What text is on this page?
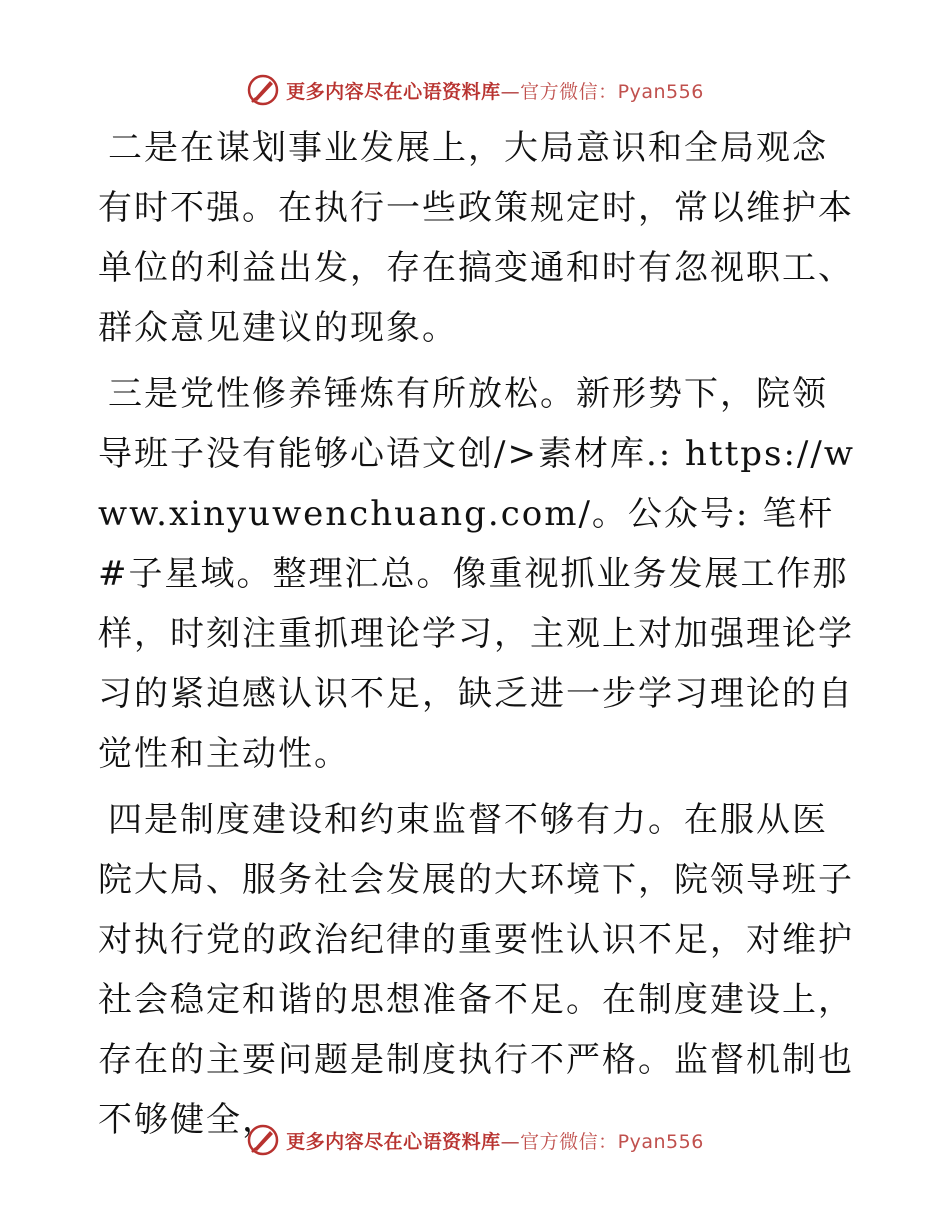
更多内容尽在心语资料库—官方微信：Pyan556

二是在谋划事业发展上，大局意识和全局观念有时不强。在执行一些政策规定时，常以维护本单位的利益出发，存在搞变通和时有忽视职工、群众意见建议的现象。

三是党性修养锤炼有所放松。新形势下，院领导班子没有能够心语文创/>素材库.: https://www.xinyuwenchuang.com/。公众号: 笔杆#子星域。整理汇总。像重视抓业务发展工作那样，时刻注重抓理论学习，主观上对加强理论学习的紧迫感认识不足，缺乏进一步学习理论的自觉性和主动性。

四是制度建设和约束监督不够有力。在服从医院大局、服务社会发展的大环境下，院领导班子对执行党的政治纪律的重要性认识不足，对维护社会稳定和谐的思想准备不足。在制度建设上，存在的主要问题是制度执行不严格。监督机制也不够健全，

更多内容尽在心语资料库—官方微信：Pyan556
